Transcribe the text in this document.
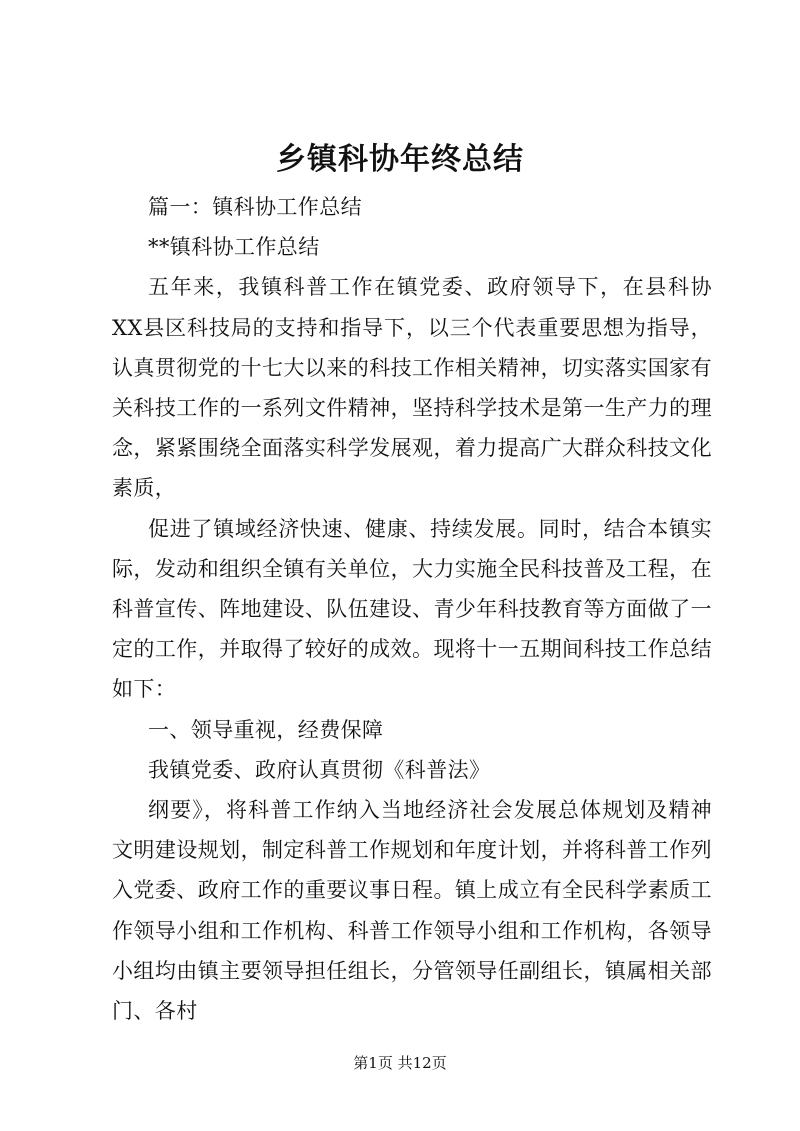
乡镇科协年终总结

篇一：镇科协工作总结

**镇科协工作总结

五年来，我镇科普工作在镇党委、政府领导下，在县科协XX县区科技局的支持和指导下，以三个代表重要思想为指导，认真贯彻党的十七大以来的科技工作相关精神，切实落实国家有关科技工作的一系列文件精神，坚持科学技术是第一生产力的理念，紧紧围绕全面落实科学发展观，着力提高广大群众科技文化素质，

促进了镇域经济快速、健康、持续发展。同时，结合本镇实际，发动和组织全镇有关单位，大力实施全民科技普及工程，在科普宣传、阵地建设、队伍建设、青少年科技教育等方面做了一定的工作，并取得了较好的成效。现将十一五期间科技工作总结如下：

一、领导重视，经费保障

我镇党委、政府认真贯彻《科普法》

纲要》，将科普工作纳入当地经济社会发展总体规划及精神文明建设规划，制定科普工作规划和年度计划，并将科普工作列入党委、政府工作的重要议事日程。镇上成立有全民科学素质工作领导小组和工作机构、科普工作领导小组和工作机构，各领导小组均由镇主要领导担任组长，分管领导任副组长，镇属相关部门、各村

第1页 共12页
